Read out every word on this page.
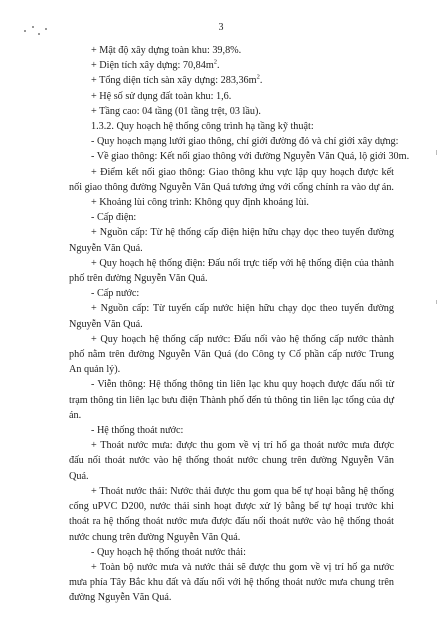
3
+ Mật độ xây dựng toàn khu: 39,8%.
+ Diện tích xây dựng: $70,84m^2$.
+ Tổng diện tích sàn xây dựng: $283,36m^2$.
+ Hệ số sử dụng đất toàn khu: 1,6.
+ Tầng cao: 04 tầng (01 tầng trệt, 03 lầu).
1.3.2. Quy hoạch hệ thống công trình hạ tầng kỹ thuật:
- Quy hoạch mạng lưới giao thông, chỉ giới đường đỏ và chỉ giới xây dựng:
- Về giao thông: Kết nối giao thông với đường Nguyễn Văn Quá, lộ giới 30m.

+ Điểm kết nối giao thông: Giao thông khu vực lập quy hoạch được kết nối giao thông đường Nguyễn Văn Quá tương ứng với cổng chính ra vào dự án.

+ Khoảng lùi công trình: Không quy định khoảng lùi.
- Cấp điện:

+ Nguồn cấp: Từ hệ thống cấp điện hiện hữu chạy dọc theo tuyến đường Nguyễn Văn Quá.

+ Quy hoạch hệ thống điện: Đấu nối trực tiếp với hệ thống điện của thành phố trên đường Nguyễn Văn Quá.

- Cấp nước:

+ Nguồn cấp: Từ tuyến cấp nước hiện hữu chạy dọc theo tuyến đường Nguyễn Văn Quá.

+ Quy hoạch hệ thống cấp nước: Đấu nối vào hệ thống cấp nước thành phố nằm trên đường Nguyễn Văn Quá (do Công ty Cổ phần cấp nước Trung An quản lý).

- Viễn thông: Hệ thống thông tin liên lạc khu quy hoạch được đấu nối từ trạm thông tin liên lạc bưu điện Thành phố đến tủ thông tin liên lạc tổng của dự án.

- Hệ thống thoát nước:

+ Thoát nước mưa: được thu gom về vị trí hố ga thoát nước mưa được đấu nối thoát nước vào hệ thống thoát nước chung trên đường Nguyễn Văn Quá.

+ Thoát nước thải: Nước thải được thu gom qua bể tự hoại bằng hệ thống cống uPVC D200, nước thải sinh hoạt được xử lý bằng bể tự hoại trước khi thoát ra hệ thống thoát nước mưa được đấu nối thoát nước vào hệ thống thoát nước chung trên đường Nguyễn Văn Quá.

- Quy hoạch hệ thống thoát nước thải:

+ Toàn bộ nước mưa và nước thải sẽ được thu gom về vị trí hố ga nước mưa phía Tây Bắc khu đất và đấu nối với hệ thống thoát nước mưa chung trên đường Nguyễn Văn Quá.
